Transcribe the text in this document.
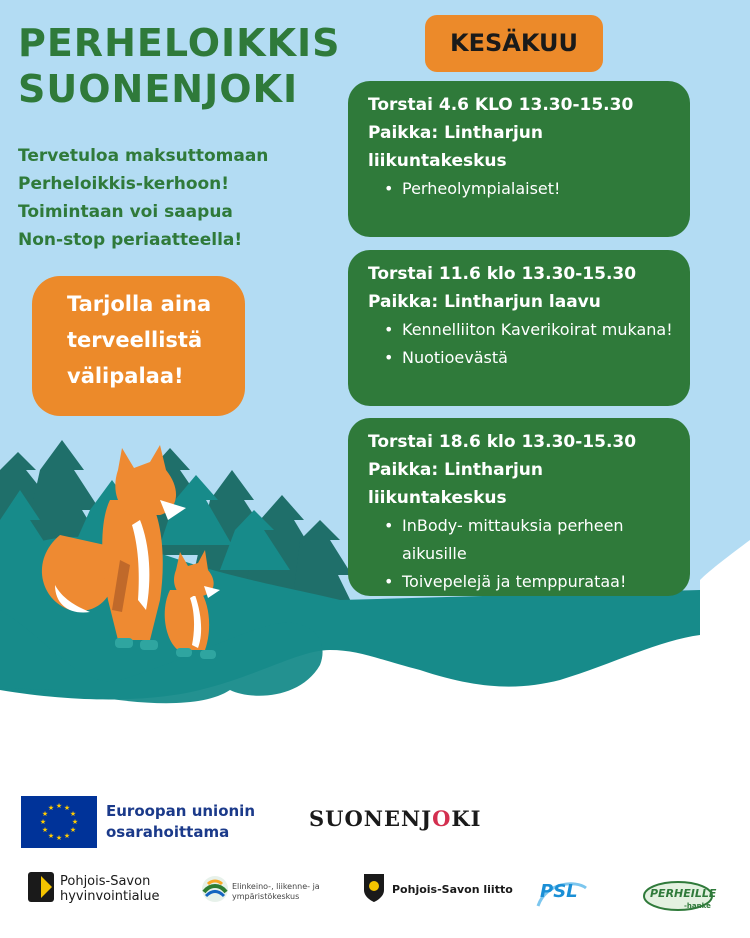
PERHELOIKKIS
SUONENJOKI
Tervetuloa maksuttomaan
Perheloikkis-kerhoon!
Toimintaan voi saapua
Non-stop periaatteella!
Tarjolla aina
terveellistä
välipalaa!
KESÄKUU
Torstai 4.6 KLO 13.30-15.30
Paikka: Lintharjun liikuntakeskus
• Perheolympialaiset!
Torstai 11.6 klo 13.30-15.30
Paikka: Lintharjun laavu
• Kennelliiton Kaverikoirat mukana!
• Nuotioevästä
Torstai 18.6 klo 13.30-15.30
Paikka: Lintharjun liikuntakeskus
• InBody- mittauksia perheen aikusille
• Toivepelejä ja temppurataa!
★ ★
★
★
★
★
★
★
★
★
★
★	Euroopan unionin
osarahoittama
SUONENJOKI
Pohjois-Savon
hyvinvointialue
Elinkeino-, liikenne- ja
ympäristökeskus
Pohjois-Savon liitto PSL	PERHEILLE
-hanke
